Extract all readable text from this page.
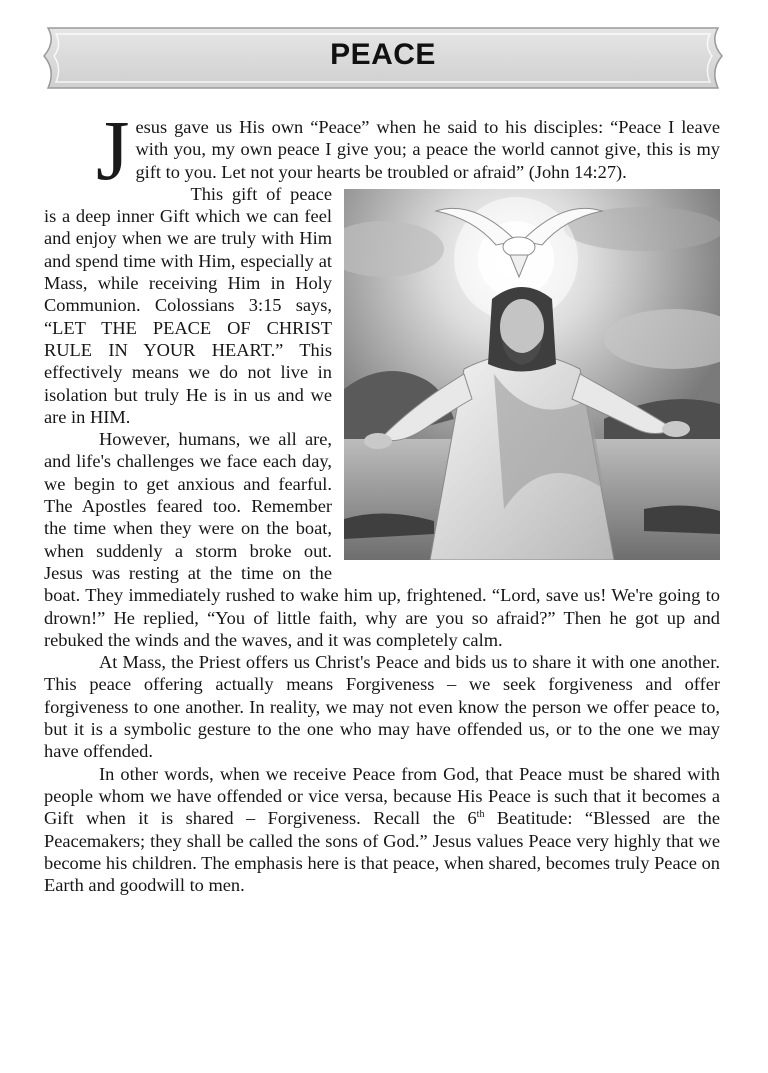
PEACE

J esus gave us His own “Peace” when he said to his disciples: “Peace I leave with you, my own peace I give you; a peace the world cannot give, this is my gift to you. Let not your hearts be troubled or afraid” (John 14:27).

This gift of peace is a deep inner Gift which we can feel and enjoy when we are truly with Him and spend time with Him, especially at Mass, while receiving Him in Holy Communion. Colossians 3:15 says, “LET THE PEACE OF CHRIST RULE IN YOUR HEART.” This effectively means we do not live in isolation but truly He is in us and we are in HIM.

However, humans, we all are, and life's challenges we face each day, we begin to get anxious and fearful. The Apostles feared too. Remember the time when they were on the boat, when suddenly a storm broke out. Jesus was resting at the time on the boat. They immediately rushed to wake him up, frightened. “Lord, save us! We're going to drown!” He replied, “You of little faith, why are you so afraid?” Then he got up and rebuked the winds and the waves, and it was completely calm.

At Mass, the Priest offers us Christ's Peace and bids us to share it with one another. This peace offering actually means Forgiveness – we seek forgiveness and offer forgiveness to one another. In reality, we may not even know the person we offer peace to, but it is a symbolic gesture to the one who may have offended us, or to the one we may have offended.

In other words, when we receive Peace from God, that Peace must be shared with people whom we have offended or vice versa, because His Peace is such that it becomes a Gift when it is shared – Forgiveness. Recall the 6th Beatitude: “Blessed are the Peacemakers; they shall be called the sons of God.” Jesus values Peace very highly that we become his children. The emphasis here is that peace, when shared, becomes truly Peace on Earth and goodwill to men.
